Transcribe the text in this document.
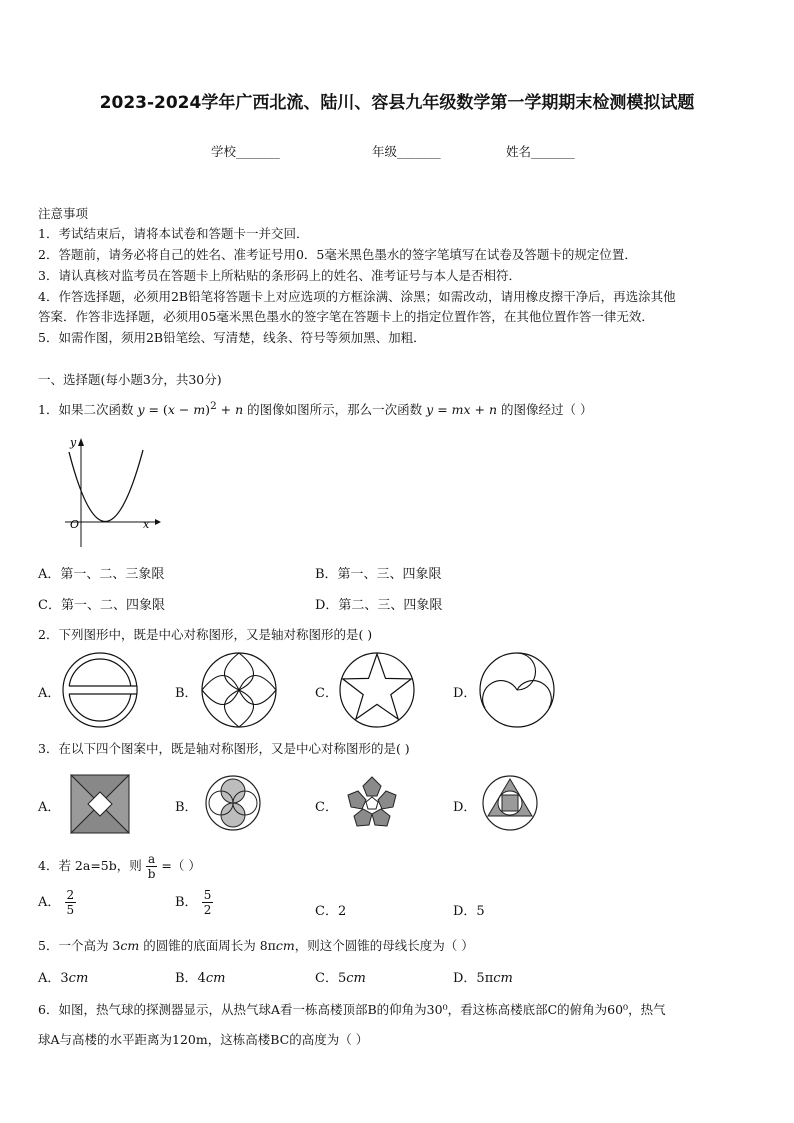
2023-2024学年广西北流、陆川、容县九年级数学第一学期期末检测模拟试题
学校_______	年级_______	姓名_______
注意事项
1．考试结束后，请将本试卷和答题卡一并交回．
2．答题前，请务必将自己的姓名、准考证号用0．5毫米黑色墨水的签字笔填写在试卷及答题卡的规定位置．
3．请认真核对监考员在答题卡上所粘贴的条形码上的姓名、准考证号与本人是否相符．
4．作答选择题，必须用2B铅笔将答题卡上对应选项的方框涂满、涂黑；如需改动，请用橡皮擦干净后，再选涂其他
答案．作答非选择题，必须用05毫米黑色墨水的签字笔在答题卡上的指定位置作答，在其他位置作答一律无效．
5．如需作图，须用2B铅笔绘、写清楚，线条、符号等须加黑、加粗．
一、选择题(每小题3分，共30分)
1．如果二次函数 $y = (x - m)^2 + n$ 的图像如图所示，那么一次函数 y = mx + n 的图像经过（ ）
y
O	x
A．第一、二、三象限	B．第一、三、四象限
C．第一、二、四象限	D．第二、三、四象限
2．下列图形中，既是中心对称图形，又是轴对称图形的是( )
A．	B．	C．	D．
3．在以下四个图案中，既是轴对称图形，又是中心对称图形的是( )
A．	B．	C．	D．
4．若 2a=5b，则 $\frac{a}{b}$ =（ ）
A． $\frac{2}{5}$	B． $\frac{5}{2}$	C．2	D．5
5．一个高为 3cm 的圆锥的底面周长为 8πcm，则这个圆锥的母线长度为（ ）
A．3cm	B．4cm	C．5cm	D．5πcm
6．如图，热气球的探测器显示，从热气球A看一栋高楼顶部B的仰角为30⁰，看这栋高楼底部C的俯角为60⁰，热气
球A与高楼的水平距离为120m，这栋高楼BC的高度为（ ）
